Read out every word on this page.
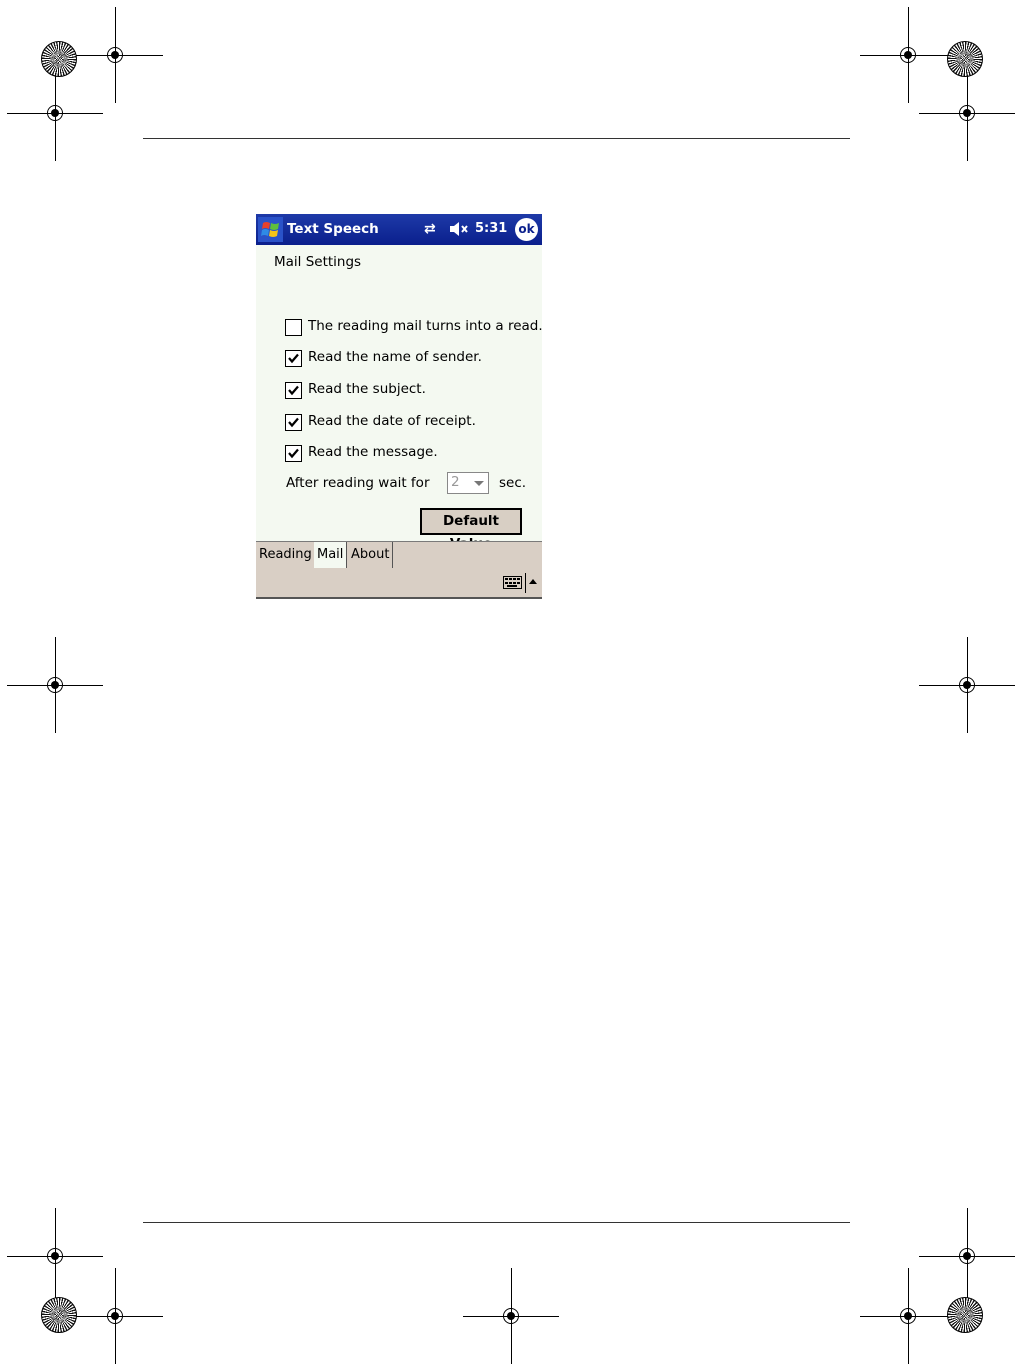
Text Speech	⇄	5:31 ok
Mail Settings
The reading mail turns into a read.
Read the name of sender.
Read the subject.
Read the date of receipt.
Read the message.
After reading wait for 2	sec.
Default
Reading Mail About
